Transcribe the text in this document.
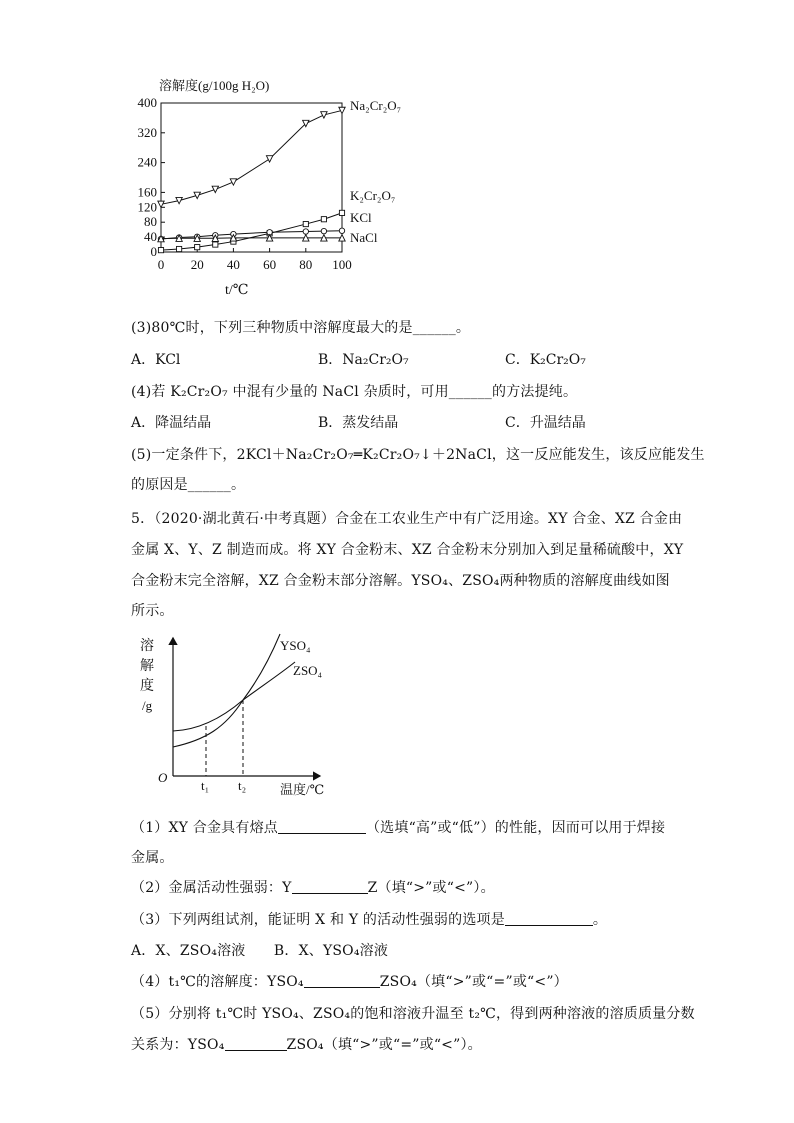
0
40
80
120
160
240
320
400
0 20 40 60 80 100
溶解度(g/100g H₂O)
t/℃
Na₂Cr₂O₇
K₂Cr₂O₇
KCl
NaCl
(3)80℃时，下列三种物质中溶解度最大的是______。
A．KCl	B．Na₂Cr₂O₇	C．K₂Cr₂O₇
(4)若 K₂Cr₂O₇ 中混有少量的 NaCl 杂质时，可用______的方法提纯。
A．降温结晶	B．蒸发结晶	C．升温结晶
(5)一定条件下，2KCl＋Na₂Cr₂O₇═K₂Cr₂O₇↓＋2NaCl，这一反应能发生，该反应能发生
的原因是______。
5．（2020·湖北黄石·中考真题）合金在工农业生产中有广泛用途。XY 合金、XZ 合金由
金属 X、Y、Z 制造而成。将 XY 合金粉末、XZ 合金粉末分别加入到足量稀硫酸中，XY
合金粉末完全溶解，XZ 合金粉末部分溶解。YSO₄、ZSO₄两种物质的溶解度曲线如图
所示。
溶
解
度
/g
O
t₁ t₂	温度/℃
YSO₄
ZSO₄
（1）XY 合金具有熔点	（选填“高”或“低”）的性能，因而可以用于焊接
金属。
（2）金属活动性强弱：Y	Z（填“>”或“<”）。
（3）下列两组试剂，能证明 X 和 Y 的活动性强弱的选项是	。
A．X、ZSO₄溶液　　B．X、YSO₄溶液
（4）t₁℃的溶解度：YSO₄	ZSO₄（填“>”或“=”或“<”）
（5）分别将 t₁℃时 YSO₄、ZSO₄的饱和溶液升温至 t₂℃，得到两种溶液的溶质质量分数
关系为：YSO₄	ZSO₄（填“>”或“=”或“<”）。
